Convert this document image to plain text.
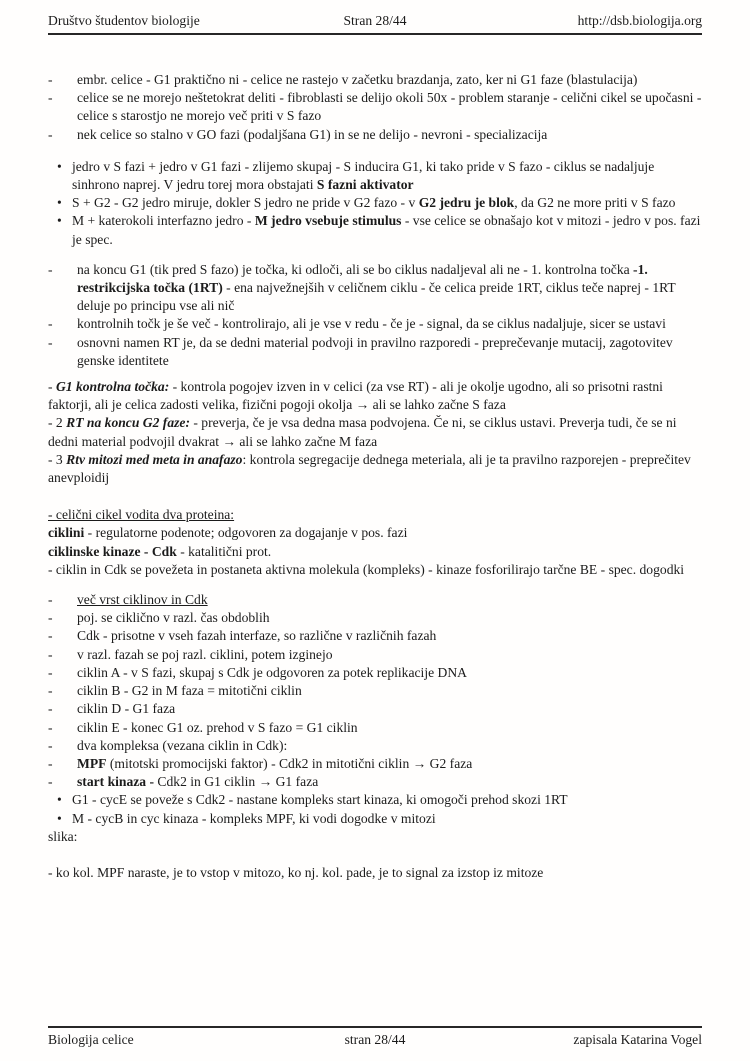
Društvo študentov biologije	Stran 28/44	http://dsb.biologija.org
- embr. celice - G1 praktično ni - celice ne rastejo v začetku brazdanja, zato, ker ni G1 faze (blastulacija)
- celice se ne morejo neštetokrat deliti - fibroblasti se delijo okoli 50x - problem staranje - celični cikel se upočasni - celice s starostjo ne morejo več priti v S fazo
- nek celice so stalno v GO fazi (podaljšana G1) in se ne delijo - nevroni - specializacija
• jedro v S fazi + jedro v G1 fazi - zlijemo skupaj - S inducira G1, ki tako pride v S fazo - ciklus se nadaljuje sinhrono naprej. V jedru torej mora obstajati S fazni aktivator
• S + G2 - G2 jedro miruje, dokler S jedro ne pride v G2 fazo - v G2 jedru je blok, da G2 ne more priti v S fazo
• M + katerokoli interfazno jedro - M jedro vsebuje stimulus - vse celice se obnašajo kot v mitozi - jedro v pos. fazi je spec.
- na koncu G1 (tik pred S fazo) je točka, ki odloči, ali se bo ciklus nadaljeval ali ne - 1. kontrolna točka -1. restrikcijska točka (1RT) - ena najvežnejših v celičnem ciklu - če celica preide 1RT, ciklus teče naprej - 1RT deluje po principu vse ali nič
- kontrolnih točk je še več - kontrolirajo, ali je vse v redu - če je - signal, da se ciklus nadaljuje, sicer se ustavi
- osnovni namen RT je, da se dedni material podvoji in pravilno razporedi - preprečevanje mutacij, zagotovitev genske identitete

- G1 kontrolna točka: - kontrola pogojev izven in v celici (za vse RT) - ali je okolje ugodno, ali so prisotni rastni faktorji, ali je celica zadosti velika, fizični pogoji okolja → ali se lahko začne S faza

- 2 RT na koncu G2 faze: - preverja, če je vsa dedna masa podvojena. Če ni, se ciklus ustavi. Preverja tudi, če se ni dedni material podvojil dvakrat → ali se lahko začne M faza

- 3 Rtv mitozi med meta in anafazo: kontrola segregacije dednega meteriala, ali je ta pravilno razporejen - preprečitev anevploidij

- celični cikel vodita dva proteina:

ciklini - regulatorne podenote; odgovoren za dogajanje v pos. fazi

ciklinske kinaze - Cdk - katalitični prot.

- ciklin in Cdk se povežeta in postaneta aktivna molekula (kompleks) - kinaze fosforilirajo tarčne BE - spec. dogodki

- več vrst ciklinov in Cdk
- poj. se ciklično v razl. čas obdoblih
- Cdk - prisotne v vseh fazah interfaze, so različne v različnih fazah
- v razl. fazah se poj razl. ciklini, potem izginejo
- ciklin A - v S fazi, skupaj s Cdk je odgovoren za potek replikacije DNA
- ciklin B - G2 in M faza = mitotični ciklin
- ciklin D - G1 faza
- ciklin E - konec G1 oz. prehod v S fazo = G1 ciklin
- dva kompleksa (vezana ciklin in Cdk):
- MPF (mitotski promocijski faktor) - Cdk2 in mitotični ciklin → G2 faza
- start kinaza - Cdk2 in G1 ciklin → G1 faza
• G1 - cycE se poveže s Cdk2 - nastane kompleks start kinaza, ki omogoči prehod skozi 1RT
• M - cycB in cyc kinaza - kompleks MPF, ki vodi dogodke v mitozi

slika:

- ko kol. MPF naraste, je to vstop v mitozo, ko nj. kol. pade, je to signal za izstop iz mitoze

Biologija celice	stran 28/44	zapisala Katarina Vogel
